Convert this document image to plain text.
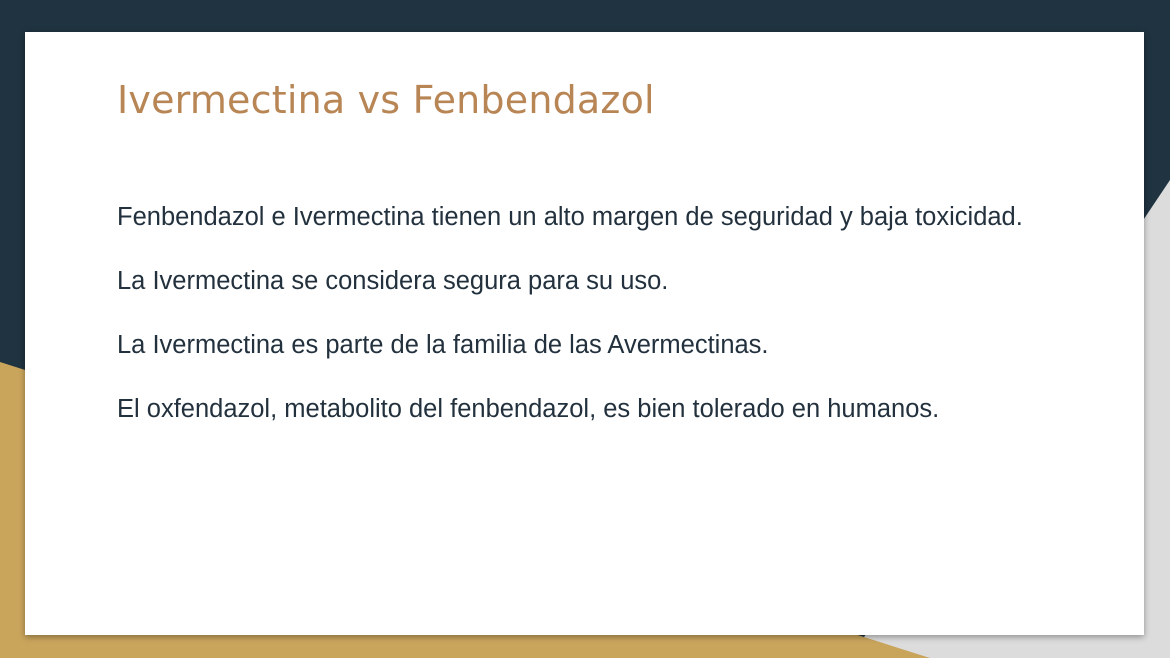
Ivermectina vs Fenbendazol

Fenbendazol e Ivermectina tienen un alto margen de seguridad y baja toxicidad.

La Ivermectina se considera segura para su uso.

La Ivermectina es parte de la familia de las Avermectinas.

El oxfendazol, metabolito del fenbendazol, es bien tolerado en humanos.
